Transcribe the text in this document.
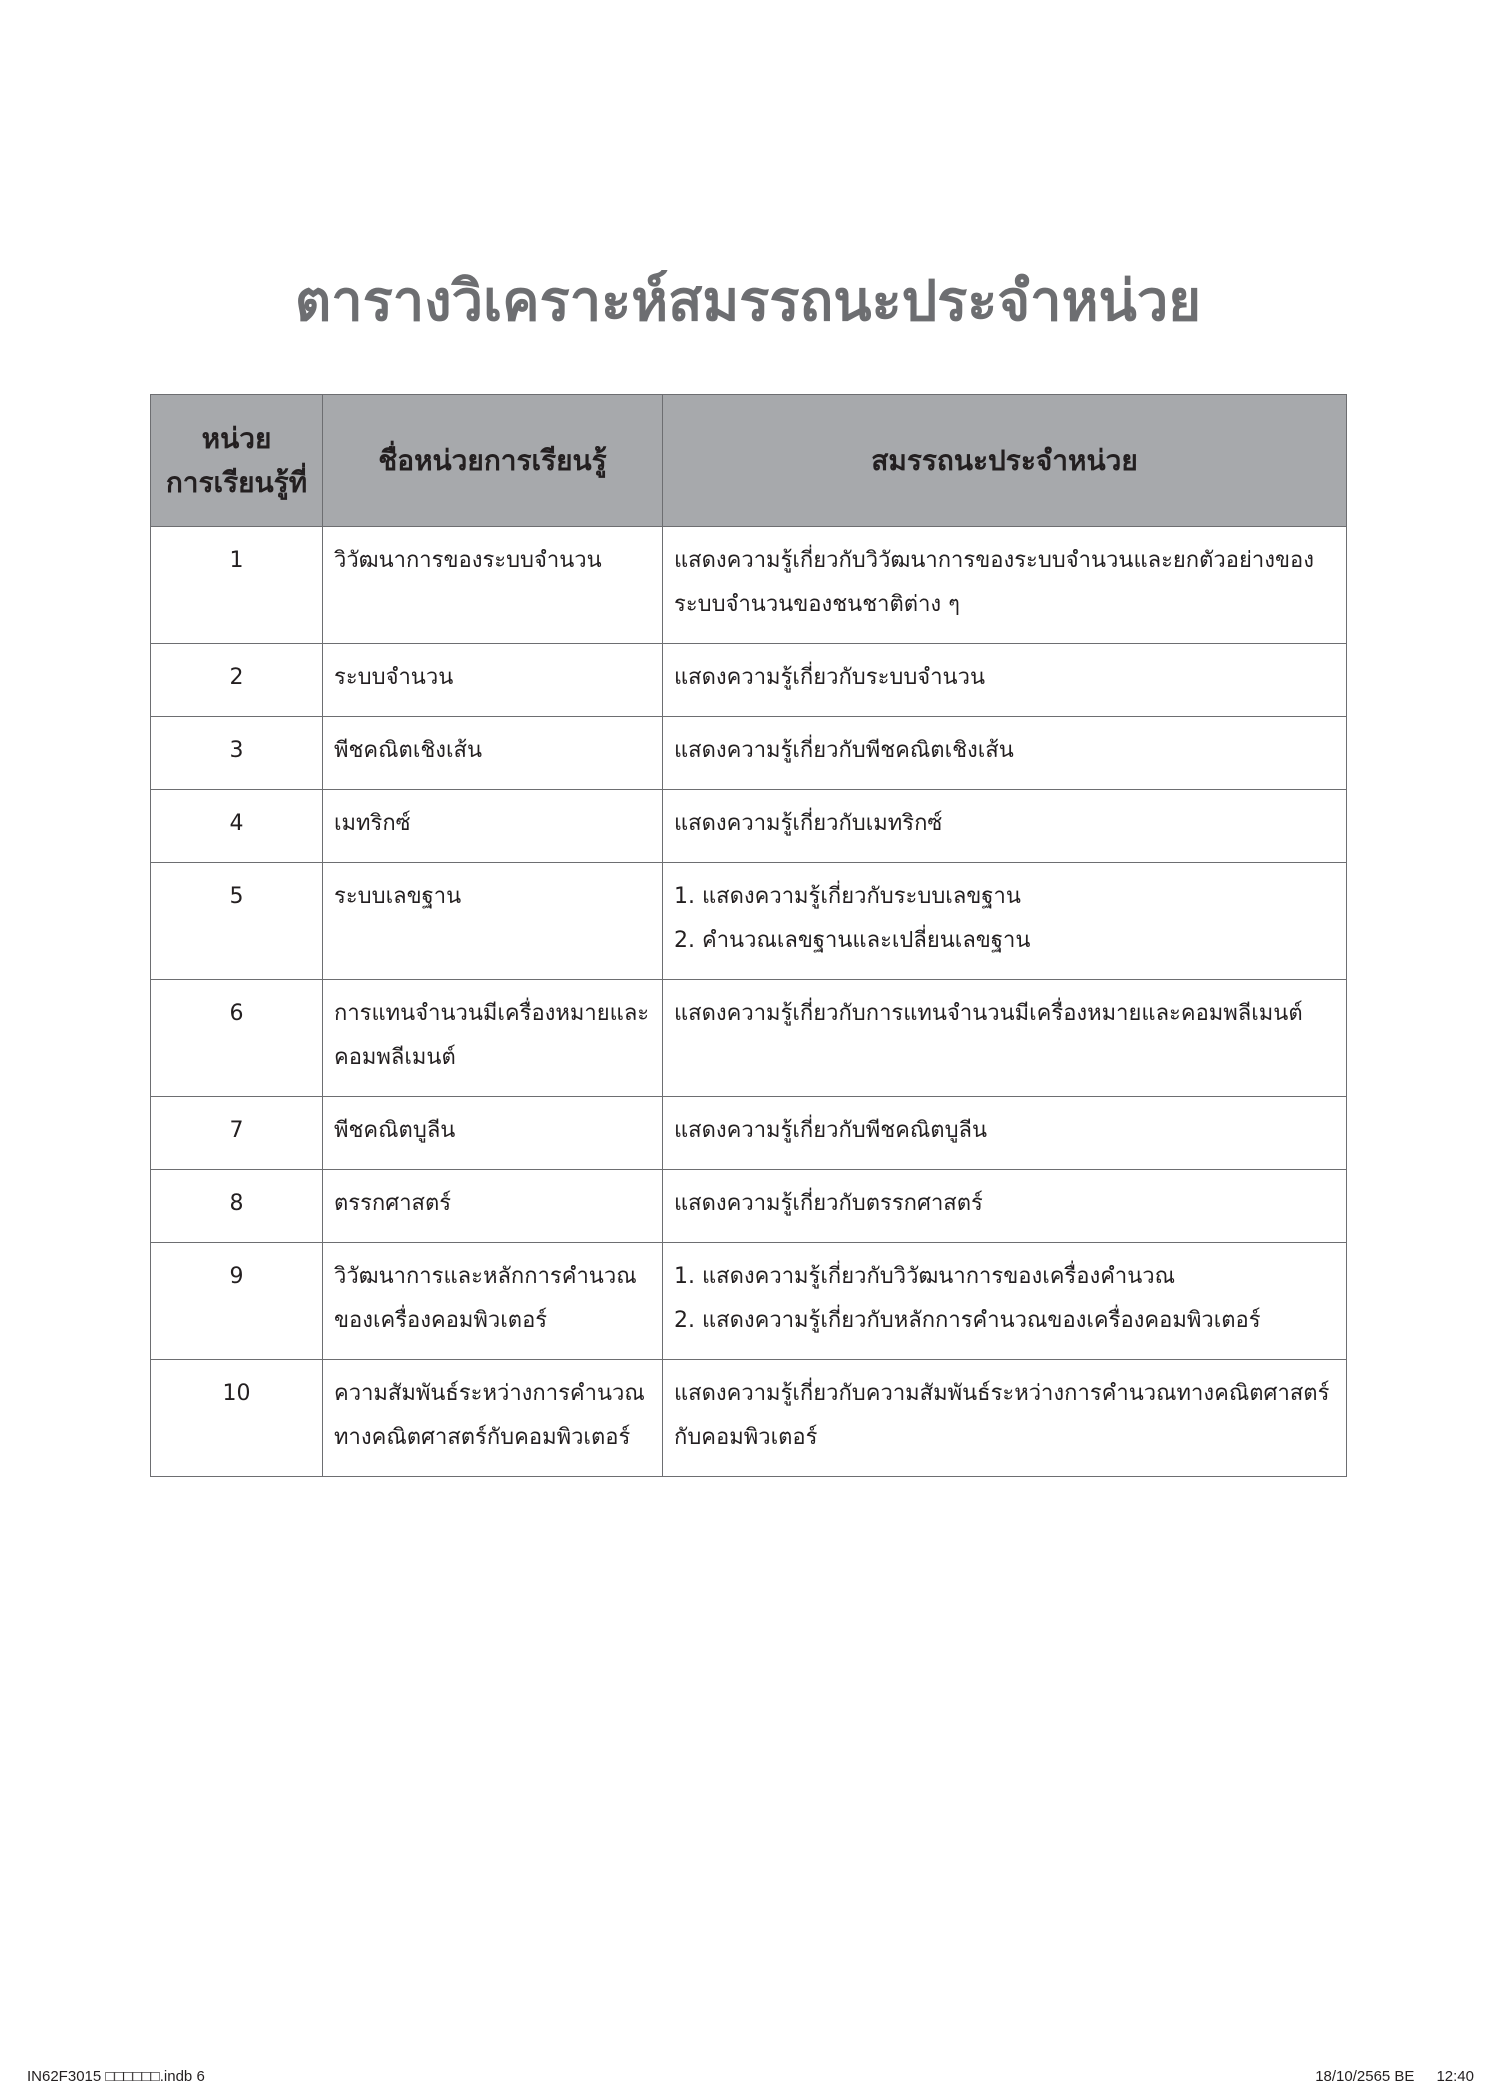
ตารางวิเคราะห์สมรรถนะประจำหน่วย
หน่วย
การเรียนรู้ที่	ชื่อหน่วยการเรียนรู้	สมรรถนะประจำหน่วย
1	วิวัฒนาการของระบบจำนวน	แสดงความรู้เกี่ยวกับวิวัฒนาการของระบบจำนวนและยกตัวอย่างของระบบจำนวนของชนชาติต่าง ๆ

2	ระบบจำนวน	แสดงความรู้เกี่ยวกับระบบจำนวน

3	พีชคณิตเชิงเส้น	แสดงความรู้เกี่ยวกับพีชคณิตเชิงเส้น

4	เมทริกซ์	แสดงความรู้เกี่ยวกับเมทริกซ์

5	ระบบเลขฐาน	1. แสดงความรู้เกี่ยวกับระบบเลขฐาน
2. คำนวณเลขฐานและเปลี่ยนเลขฐาน

6	การแทนจำนวนมีเครื่องหมายและคอมพลีเมนต์	แสดงความรู้เกี่ยวกับการแทนจำนวนมีเครื่องหมายและคอมพลีเมนต์

7	พีชคณิตบูลีน	แสดงความรู้เกี่ยวกับพีชคณิตบูลีน

8	ตรรกศาสตร์	แสดงความรู้เกี่ยวกับตรรกศาสตร์

9	วิวัฒนาการและหลักการคำนวณของเครื่องคอมพิวเตอร์	1. แสดงความรู้เกี่ยวกับวิวัฒนาการของเครื่องคำนวณ
2. แสดงความรู้เกี่ยวกับหลักการคำนวณของเครื่องคอมพิวเตอร์

10	ความสัมพันธ์ระหว่างการคำนวณทางคณิตศาสตร์กับคอมพิวเตอร์	แสดงความรู้เกี่ยวกับความสัมพันธ์ระหว่างการคำนวณทางคณิตศาสตร์กับคอมพิวเตอร์
IN62F3015 □□□□□□.indb 6	18/10/2565 BE 12:40
